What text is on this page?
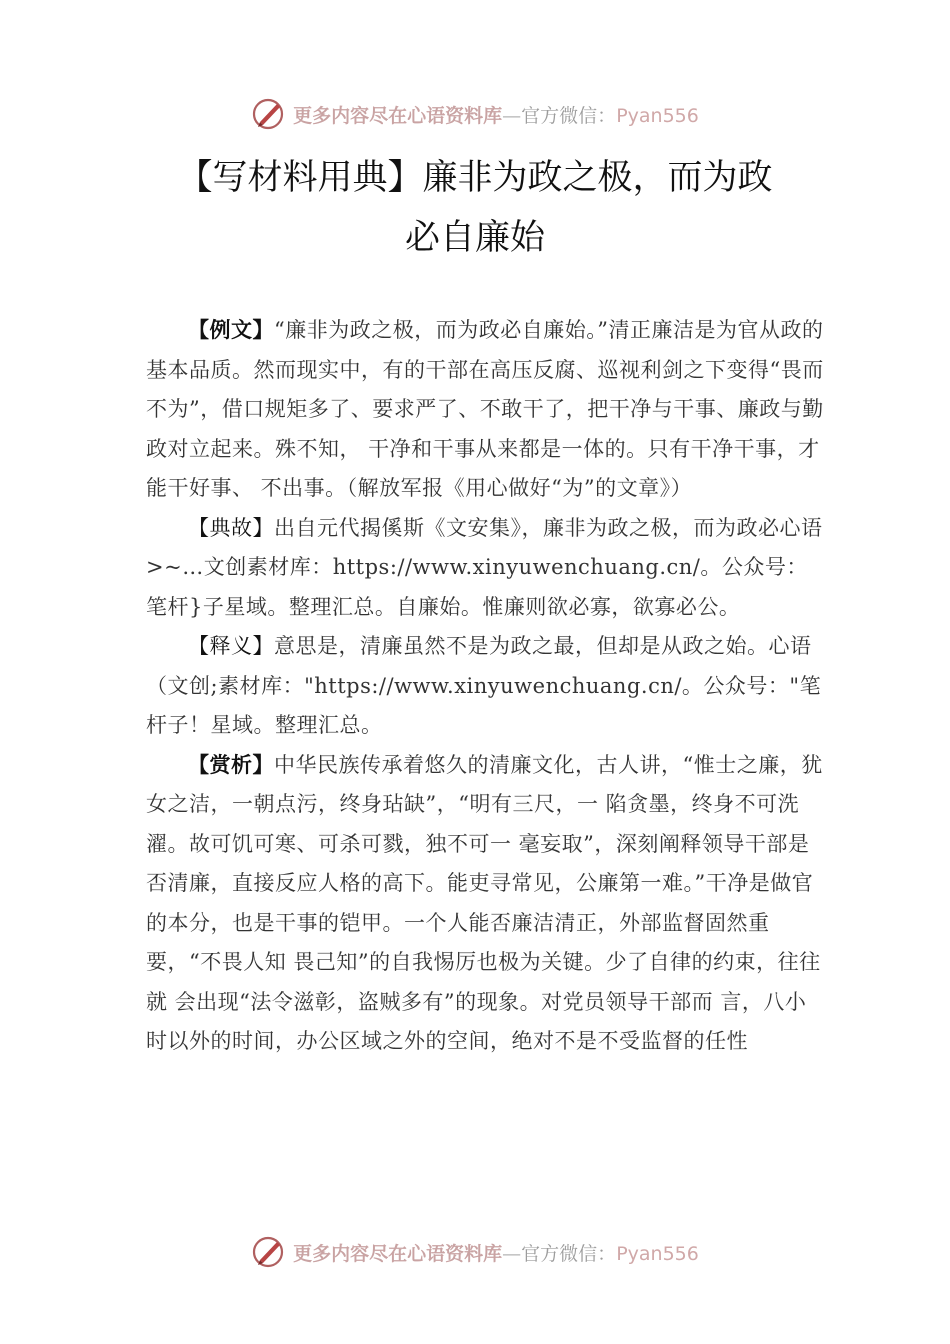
更多内容尽在心语资料库—官方微信：Pyan556
【写材料用典】廉非为政之极，而为政
必自廉始

【例文】“廉非为政之极，而为政必自廉始。”清正廉洁是为官从政的基本品质。然而现实中，有的干部在高压反腐、巡视利剑之下变得“畏而不为”，借口规矩多了、要求严了、不敢干了，把干净与干事、廉政与勤政对立起来。殊不知， 干净和干事从来都是一体的。只有干净干事，才能干好事、 不出事。（解放军报《用心做好“为”的文章》）

【典故】出自元代揭傒斯《文安集》，廉非为政之极，而为政必心语>~…文创素材库：https://www.xinyuwenchuang.cn/。公众号：笔杆}子星域。整理汇总。自廉始。惟廉则欲必寡，欲寡必公。

【释义】意思是，清廉虽然不是为政之最，但却是从政之始。心语（文创;素材库："https://www.xinyuwenchuang.cn/。公众号："笔杆子！星域。整理汇总。

【赏析】中华民族传承着悠久的清廉文化，古人讲，“惟士之廉，犹女之洁，一朝点污，终身玷缺”，“明有三尺，一 陷贪墨，终身不可洗濯。故可饥可寒、可杀可戮，独不可一 毫妄取”，深刻阐释领导干部是否清廉，直接反应人格的高下。能吏寻常见，公廉第一难。”干净是做官的本分，也是干事的铠甲。一个人能否廉洁清正，外部监督固然重要，“不畏人知 畏己知”的自我惕厉也极为关键。少了自律的约束，往往就 会出现“法令滋彰，盗贼多有”的现象。对党员领导干部而 言，八小时以外的时间，办公区域之外的空间，绝对不是不受监督的任性

更多内容尽在心语资料库—官方微信：Pyan556
